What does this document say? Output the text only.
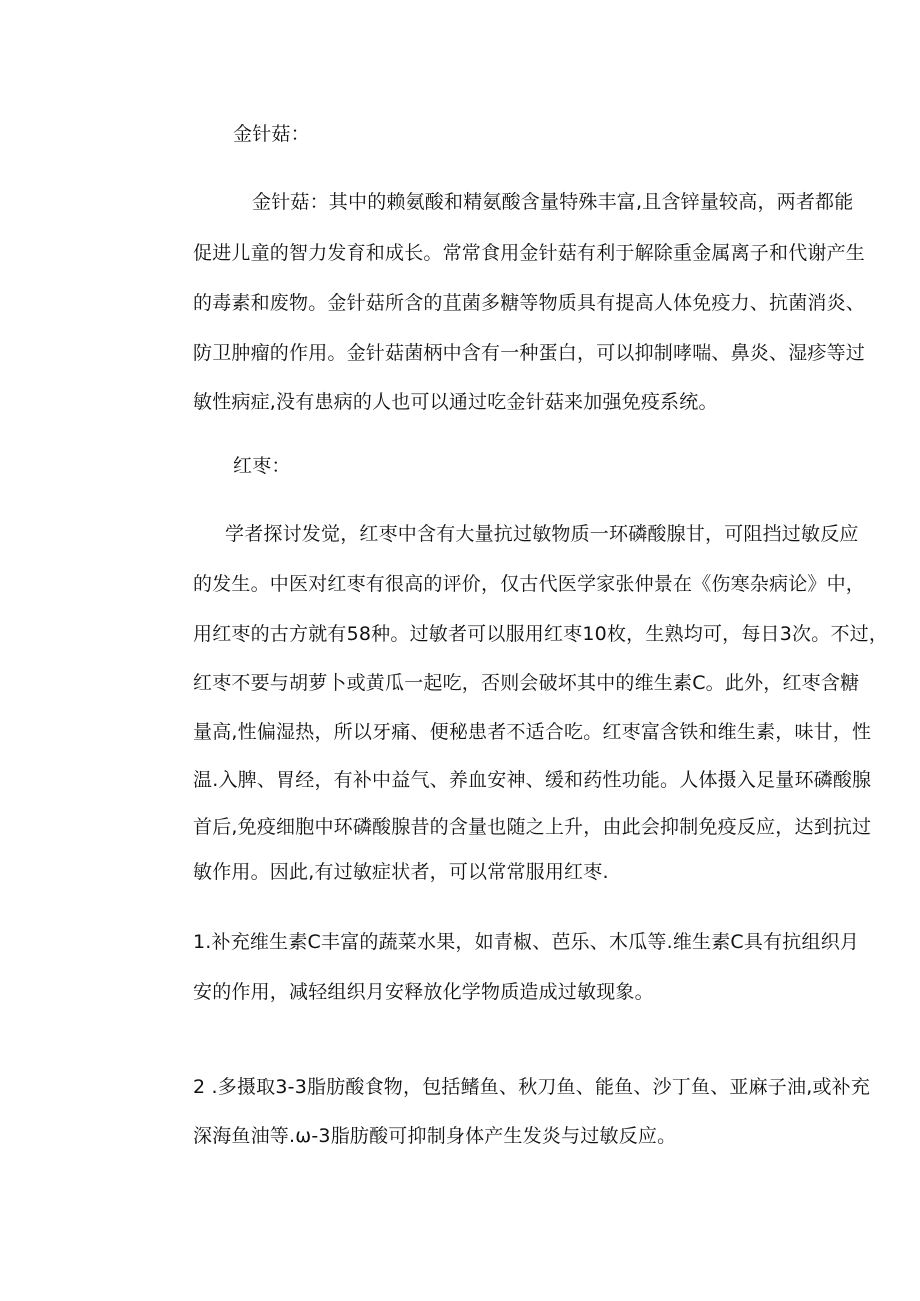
金针菇：

金针菇：其中的赖氨酸和精氨酸含量特殊丰富,且含锌量较高，两者都能

促进儿童的智力发育和成长。常常食用金针菇有利于解除重金属离子和代谢产生

的毒素和废物。金针菇所含的苴菌多糖等物质具有提高人体免疫力、抗菌消炎、

防卫肿瘤的作用。金针菇菌柄中含有一种蛋白，可以抑制哮喘、鼻炎、湿疹等过

敏性病症,没有患病的人也可以通过吃金针菇来加强免疫系统。

红枣：

学者探讨发觉，红枣中含有大量抗过敏物质一环磷酸腺甘，可阻挡过敏反应

的发生。中医对红枣有很高的评价，仅古代医学家张仲景在《伤寒杂病论》中，

用红枣的古方就有58种。过敏者可以服用红枣10枚，生熟均可，每日3次。不过，

红枣不要与胡萝卜或黄瓜一起吃，否则会破坏其中的维生素C。此外，红枣含糖

量高,性偏湿热，所以牙痛、便秘患者不适合吃。红枣富含铁和维生素，味甘，性

温.入脾、胃经，有补中益气、养血安神、缓和药性功能。人体摄入足量环磷酸腺

首后,免疫细胞中环磷酸腺昔的含量也随之上升，由此会抑制免疫反应，达到抗过

敏作用。因此,有过敏症状者，可以常常服用红枣.

1.补充维生素C丰富的蔬菜水果，如青椒、芭乐、木瓜等.维生素C具有抗组织月

安的作用，减轻组织月安释放化学物质造成过敏现象。

2 .多摄取3-3脂肪酸食物，包括鳍鱼、秋刀鱼、能鱼、沙丁鱼、亚麻子油,或补充

深海鱼油等.ω-3脂肪酸可抑制身体产生发炎与过敏反应。
